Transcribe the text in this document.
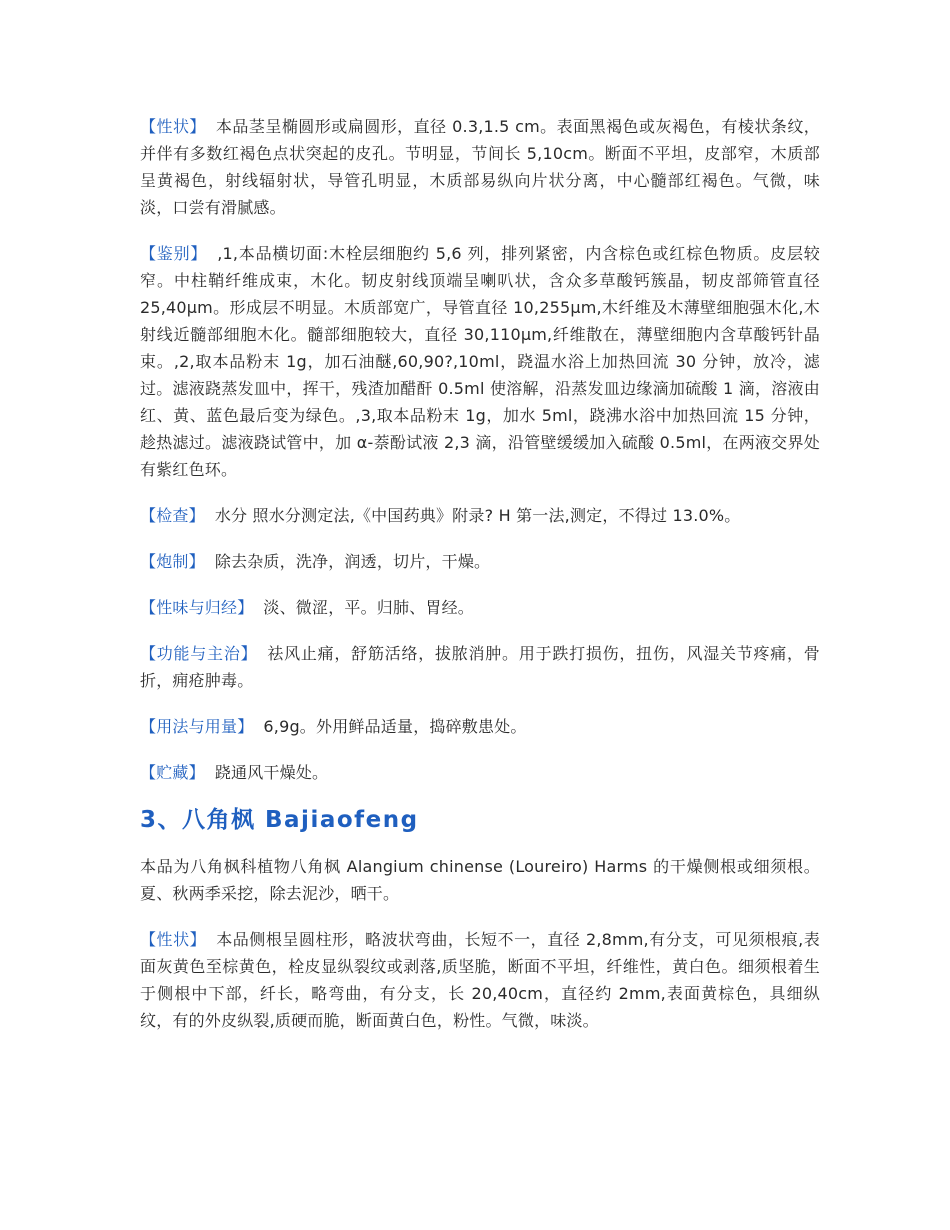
【性状】 本品茎呈椭圆形或扁圆形，直径 0.3,1.5 cm。表面黑褐色或灰褐色，有棱状条纹，并伴有多数红褐色点状突起的皮孔。节明显，节间长 5,10cm。断面不平坦，皮部窄，木质部呈黄褐色，射线辐射状，导管孔明显，木质部易纵向片状分离，中心髓部红褐色。气微，味淡，口尝有滑腻感。

【鉴别】 ,1,本品横切面:木栓层细胞约 5,6 列，排列紧密，内含棕色或红棕色物质。皮层较窄。中柱鞘纤维成束，木化。韧皮射线顶端呈喇叭状，含众多草酸钙簇晶，韧皮部筛管直径 25,40μm。形成层不明显。木质部宽广，导管直径 10,255μm,木纤维及木薄壁细胞强木化,木射线近髓部细胞木化。髓部细胞较大，直径 30,110μm,纤维散在，薄壁细胞内含草酸钙针晶束。,2,取本品粉末 1g，加石油醚,60,90?,10ml，跷温水浴上加热回流 30 分钟，放冷，滤过。滤液跷蒸发皿中，挥干，残渣加醋酐 0.5ml 使溶解，沿蒸发皿边缘滴加硫酸 1 滴，溶液由红、黄、蓝色最后变为绿色。,3,取本品粉末 1g，加水 5ml，跷沸水浴中加热回流 15 分钟，趁热滤过。滤液跷试管中，加 α-萘酚试液 2,3 滴，沿管壁缓缓加入硫酸 0.5ml，在两液交界处有紫红色环。

【检查】 水分 照水分测定法,《中国药典》附录? H 第一法,测定，不得过 13.0%。

【炮制】 除去杂质，洗净，润透，切片，干燥。

【性味与归经】 淡、微涩，平。归肺、胃经。

【功能与主治】 祛风止痛，舒筋活络，拔脓消肿。用于跌打损伤，扭伤，风湿关节疼痛，骨折，痈疮肿毒。

【用法与用量】 6,9g。外用鲜品适量，捣碎敷患处。

【贮藏】 跷通风干燥处。

3、八角枫 Bajiaofeng

本品为八角枫科植物八角枫 Alangium chinense (Loureiro) Harms 的干燥侧根或细须根。夏、秋两季采挖，除去泥沙，晒干。

【性状】 本品侧根呈圆柱形，略波状弯曲，长短不一，直径 2,8mm,有分支，可见须根痕,表面灰黄色至棕黄色，栓皮显纵裂纹或剥落,质坚脆，断面不平坦，纤维性，黄白色。细须根着生于侧根中下部，纤长，略弯曲，有分支，长 20,40cm，直径约 2mm,表面黄棕色，具细纵纹，有的外皮纵裂,质硬而脆，断面黄白色，粉性。气微，味淡。
